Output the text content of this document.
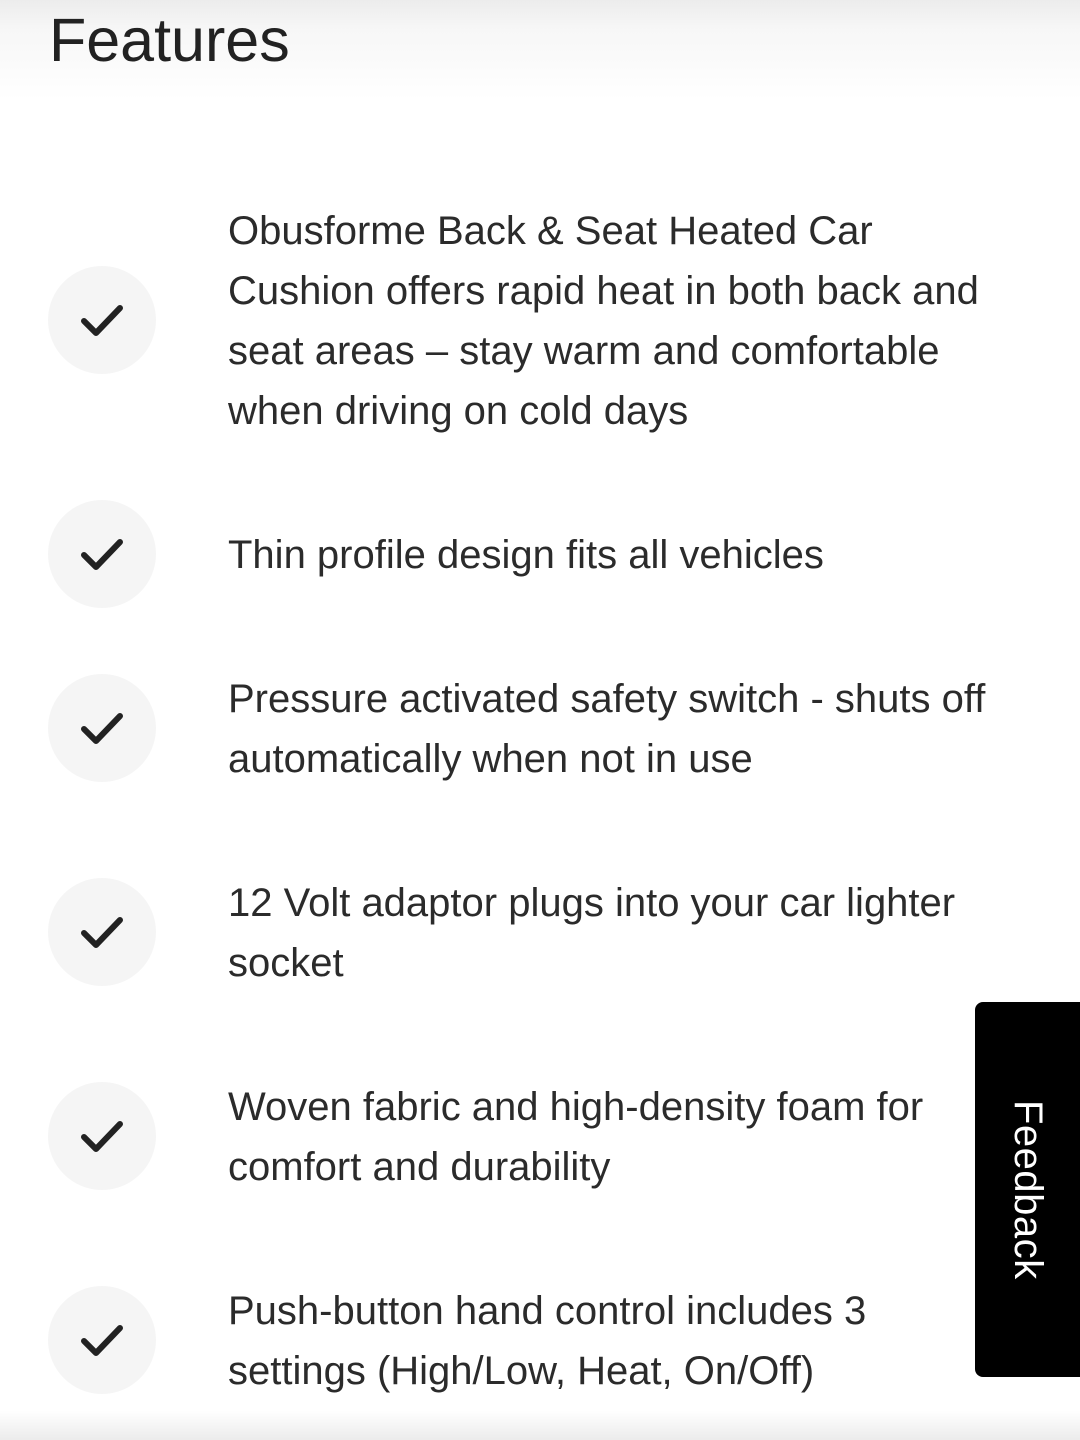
Features
Obusforme Back & Seat Heated Car Cushion offers rapid heat in both back and seat areas – stay warm and comfortable when driving on cold days
Thin profile design fits all vehicles
Pressure activated safety switch - shuts off automatically when not in use
12 Volt adaptor plugs into your car lighter socket
Woven fabric and high-density foam for comfort and durability
Push-button hand control includes 3 settings (High/Low, Heat, On/Off)
Feedback
